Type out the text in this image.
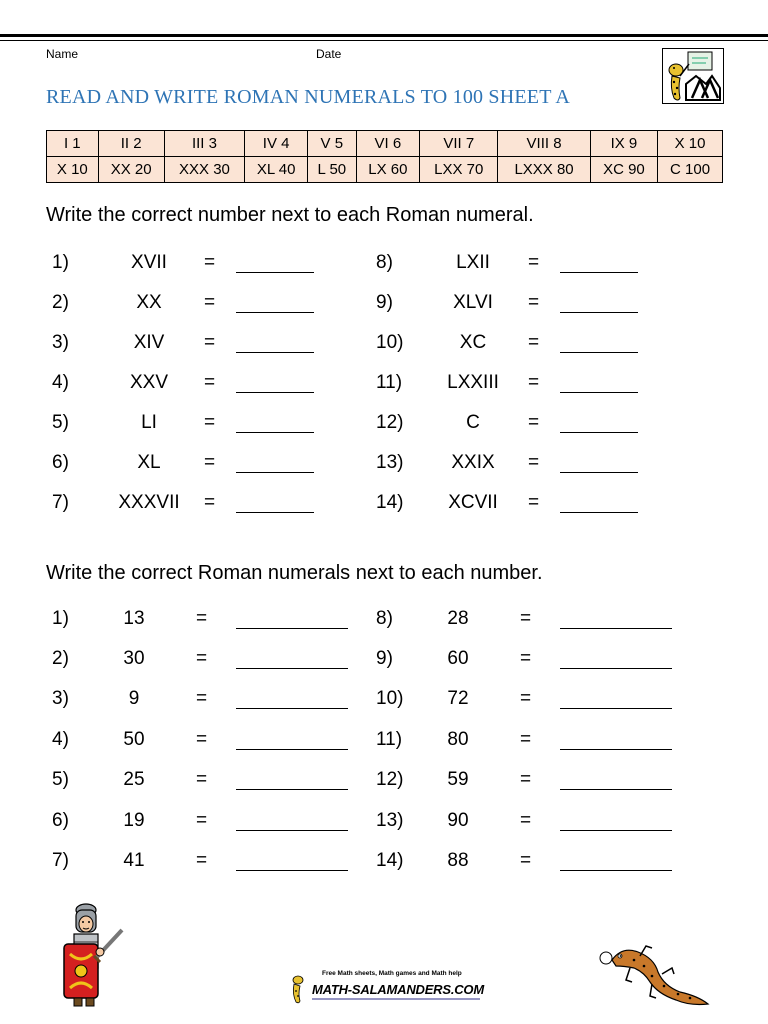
Name	Date
READ AND WRITE ROMAN NUMERALS TO 100 SHEET A
I 1	II 2	III 3	IV 4	V 5	VI 6	VII 7	VIII 8	IX 9	X 10
X 10	XX 20	XXX 30	XL 40	L 50	LX 60	LXX 70	LXXX 80	XC 90	C 100
Write the correct number next to each Roman numeral.
1)	XVII	=
2)	XX	=
3)	XIV	=
4)	XXV	=
5)	LI	=
6)	XL	=
7)	XXXVII	=
8)	LXII	=
9)	XLVI	=
10)	XC	=
11)	LXXIII	=
12)	C	=
13)	XXIX	=
14)	XCVII	=
Write the correct Roman numerals next to each number.
1)	13	=
2)	30	=
3)	9	=
4)	50	=
5)	25	=
6)	19	=
7)	41	=
8)	28	=
9)	60	=
10)	72	=
11)	80	=
12)	59	=
13)	90	=
14)	88	=
Free Math sheets, Math games and Math help
MATH-SALAMANDERS.COM
